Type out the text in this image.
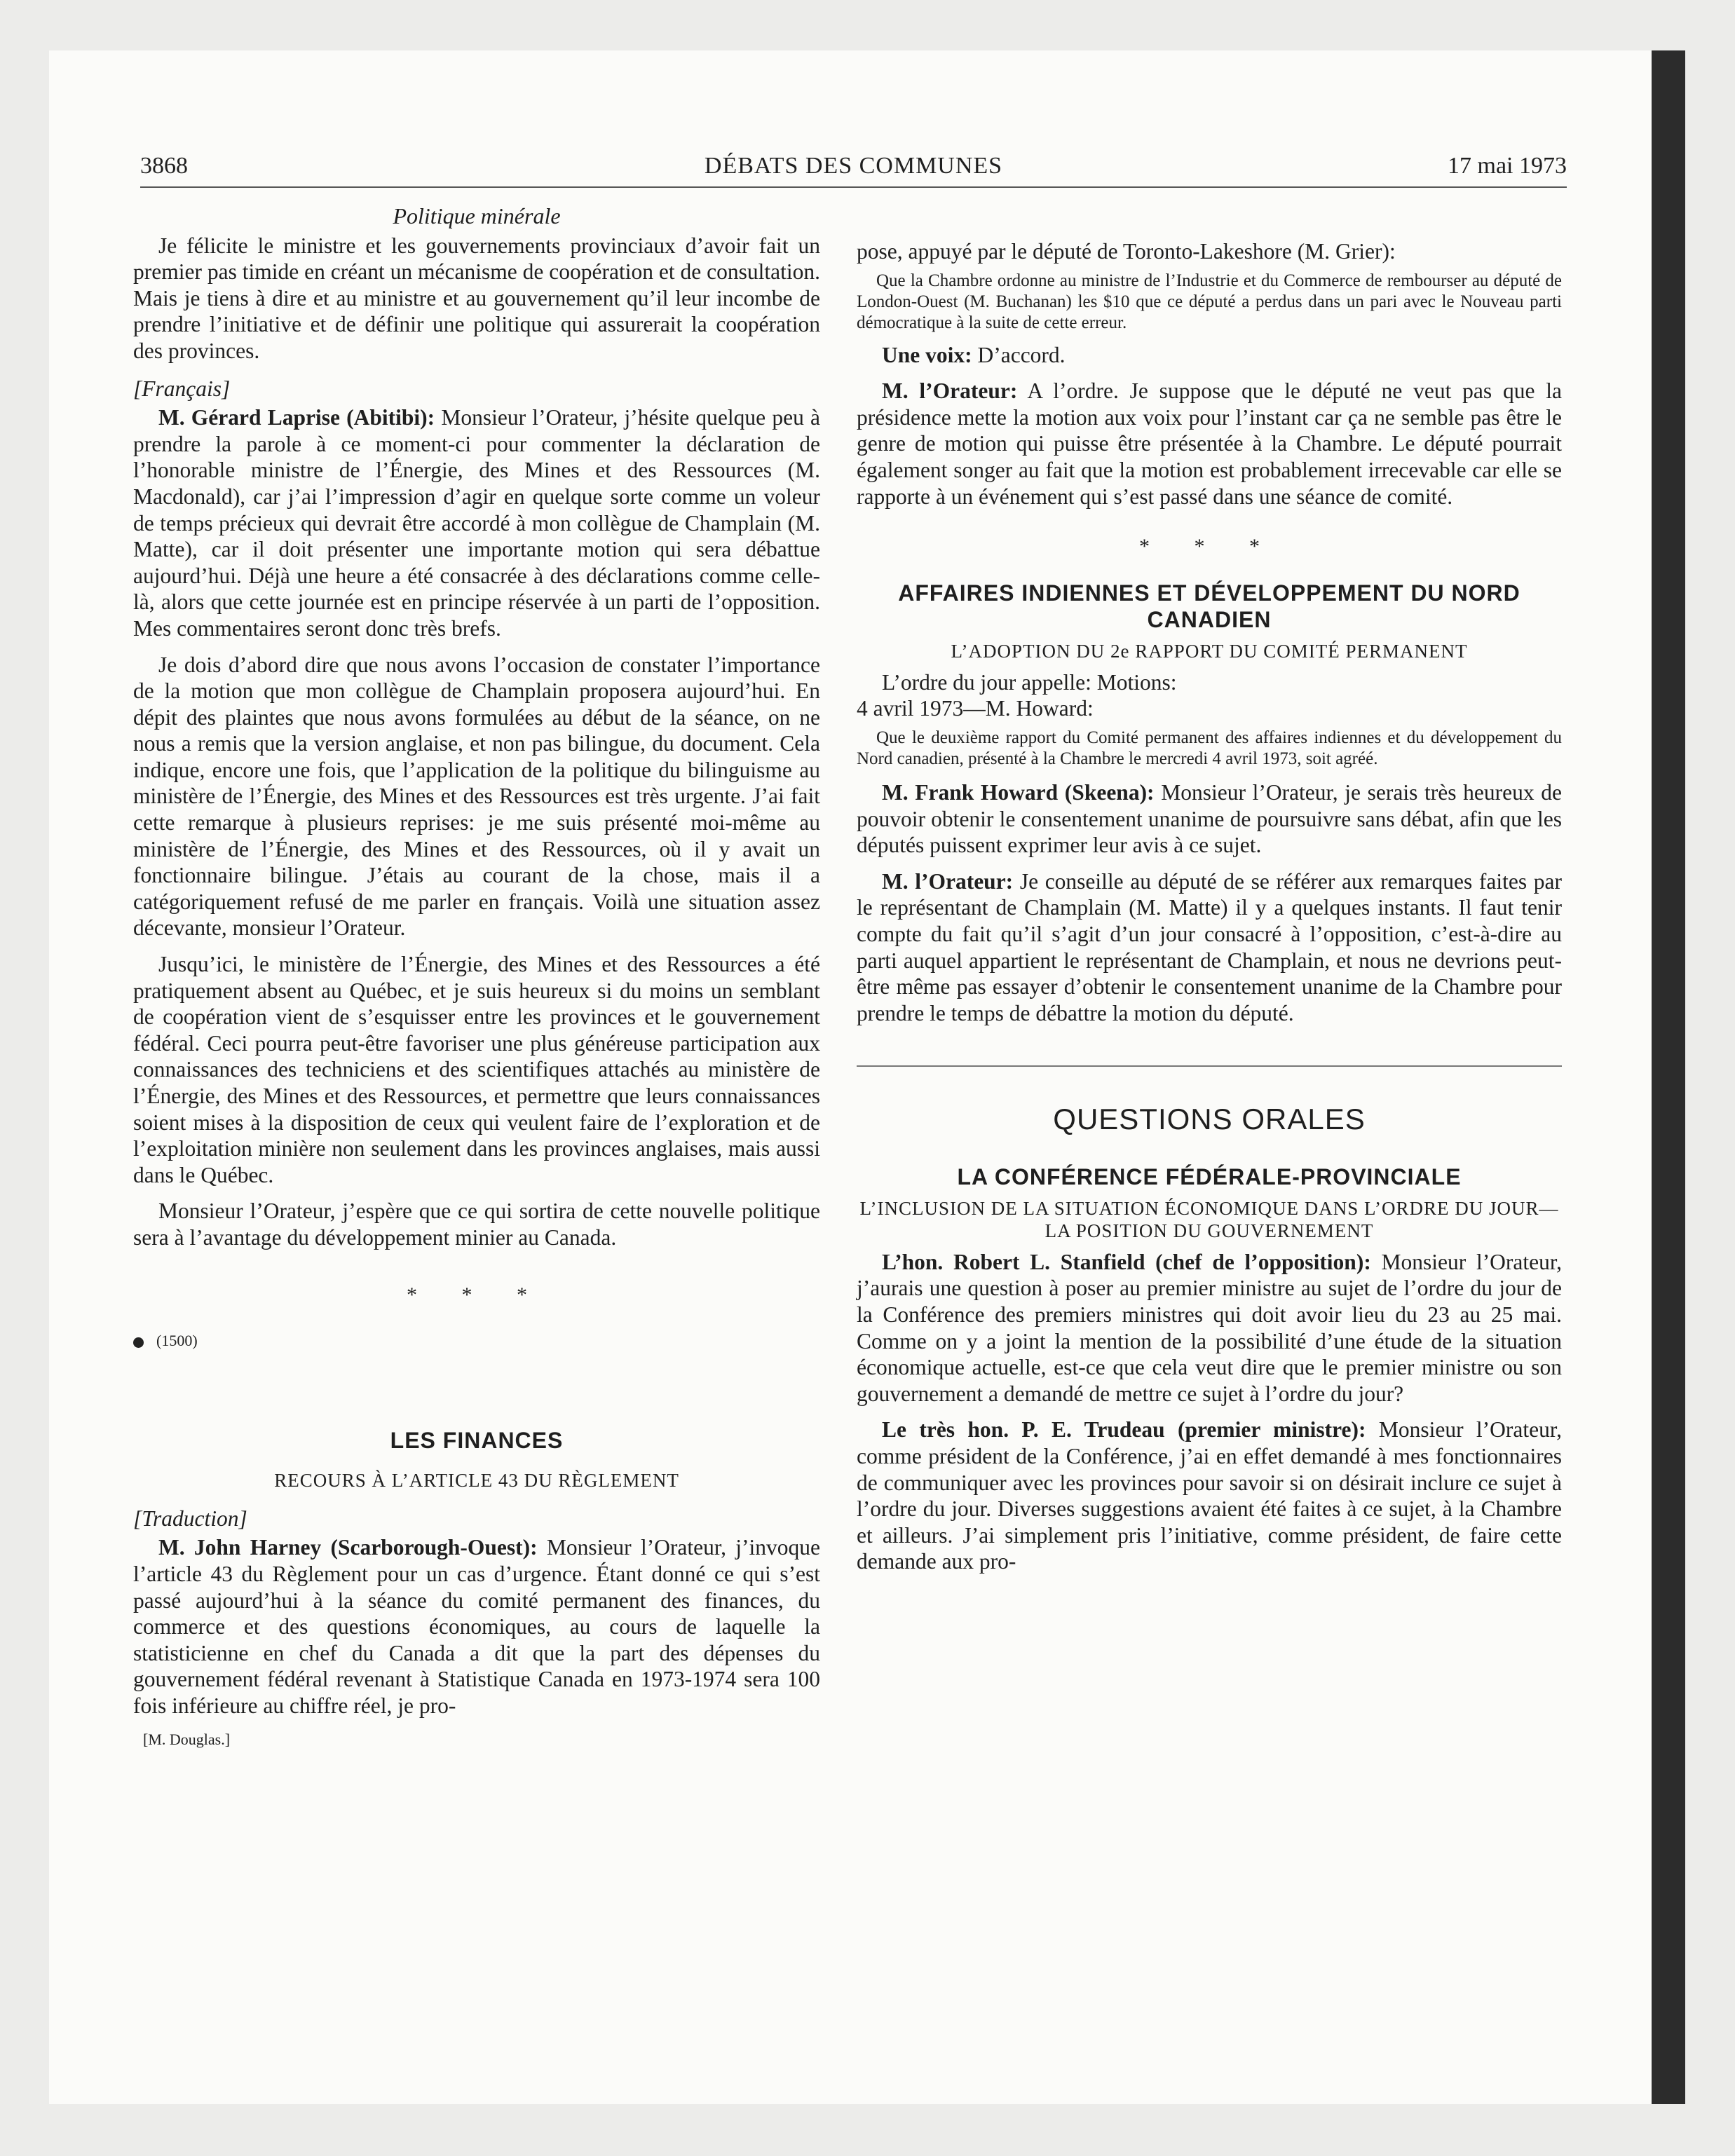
3868	DÉBATS DES COMMUNES	17 mai 1973
Politique minérale

Je félicite le ministre et les gouvernements provinciaux d’avoir fait un premier pas timide en créant un mécanisme de coopération et de consultation. Mais je tiens à dire et au ministre et au gouvernement qu’il leur incombe de prendre l’initiative et de définir une politique qui assurerait la coopération des provinces.

[Français]

M. Gérard Laprise (Abitibi): Monsieur l’Orateur, j’hésite quelque peu à prendre la parole à ce moment-ci pour commenter la déclaration de l’honorable ministre de l’Énergie, des Mines et des Ressources (M. Macdonald), car j’ai l’impression d’agir en quelque sorte comme un voleur de temps précieux qui devrait être accordé à mon collègue de Champlain (M. Matte), car il doit présenter une importante motion qui sera débattue aujourd’hui. Déjà une heure a été consacrée à des déclarations comme celle-là, alors que cette journée est en principe réservée à un parti de l’opposition. Mes commentaires seront donc très brefs.

Je dois d’abord dire que nous avons l’occasion de constater l’importance de la motion que mon collègue de Champlain proposera aujourd’hui. En dépit des plaintes que nous avons formulées au début de la séance, on ne nous a remis que la version anglaise, et non pas bilingue, du document. Cela indique, encore une fois, que l’application de la politique du bilinguisme au ministère de l’Énergie, des Mines et des Ressources est très urgente. J’ai fait cette remarque à plusieurs reprises: je me suis présenté moi-même au ministère de l’Énergie, des Mines et des Ressources, où il y avait un fonctionnaire bilingue. J’étais au courant de la chose, mais il a catégoriquement refusé de me parler en français. Voilà une situation assez décevante, monsieur l’Orateur.

Jusqu’ici, le ministère de l’Énergie, des Mines et des Ressources a été pratiquement absent au Québec, et je suis heureux si du moins un semblant de coopération vient de s’esquisser entre les provinces et le gouvernement fédéral. Ceci pourra peut-être favoriser une plus généreuse participation aux connaissances des techniciens et des scientifiques attachés au ministère de l’Énergie, des Mines et des Ressources, et permettre que leurs connaissances soient mises à la disposition de ceux qui veulent faire de l’exploration et de l’exploitation minière non seulement dans les provinces anglaises, mais aussi dans le Québec.

Monsieur l’Orateur, j’espère que ce qui sortira de cette nouvelle politique sera à l’avantage du développement minier au Canada.

* * *
(1500)
LES FINANCES
RECOURS À L’ARTICLE 43 DU RÈGLEMENT
[Traduction]

M. John Harney (Scarborough-Ouest): Monsieur l’Orateur, j’invoque l’article 43 du Règlement pour un cas d’urgence. Étant donné ce qui s’est passé aujourd’hui à la séance du comité permanent des finances, du commerce et des questions économiques, au cours de laquelle la statisticienne en chef du Canada a dit que la part des dépenses du gouvernement fédéral revenant à Statistique Canada en 1973-1974 sera 100 fois inférieure au chiffre réel, je pro-

[M. Douglas.]

pose, appuyé par le député de Toronto-Lakeshore (M. Grier):

Que la Chambre ordonne au ministre de l’Industrie et du Commerce de rembourser au député de London-Ouest (M. Buchanan) les $10 que ce député a perdus dans un pari avec le Nouveau parti démocratique à la suite de cette erreur.

Une voix: D’accord.

M. l’Orateur: A l’ordre. Je suppose que le député ne veut pas que la présidence mette la motion aux voix pour l’instant car ça ne semble pas être le genre de motion qui puisse être présentée à la Chambre. Le député pourrait également songer au fait que la motion est probablement irrecevable car elle se rapporte à un événement qui s’est passé dans une séance de comité.

* * *
AFFAIRES INDIENNES ET DÉVELOPPEMENT DU NORD CANADIEN
L’ADOPTION DU 2e RAPPORT DU COMITÉ PERMANENT

L’ordre du jour appelle: Motions:

4 avril 1973—M. Howard:

Que le deuxième rapport du Comité permanent des affaires indiennes et du développement du Nord canadien, présenté à la Chambre le mercredi 4 avril 1973, soit agréé.

M. Frank Howard (Skeena): Monsieur l’Orateur, je serais très heureux de pouvoir obtenir le consentement unanime de poursuivre sans débat, afin que les députés puissent exprimer leur avis à ce sujet.

M. l’Orateur: Je conseille au député de se référer aux remarques faites par le représentant de Champlain (M. Matte) il y a quelques instants. Il faut tenir compte du fait qu’il s’agit d’un jour consacré à l’opposition, c’est-à-dire au parti auquel appartient le représentant de Champlain, et nous ne devrions peut-être même pas essayer d’obtenir le consentement unanime de la Chambre pour prendre le temps de débattre la motion du député.

QUESTIONS ORALES
LA CONFÉRENCE FÉDÉRALE-PROVINCIALE
L’INCLUSION DE LA SITUATION ÉCONOMIQUE DANS L’ORDRE DU JOUR—LA POSITION DU GOUVERNEMENT

L’hon. Robert L. Stanfield (chef de l’opposition): Monsieur l’Orateur, j’aurais une question à poser au premier ministre au sujet de l’ordre du jour de la Conférence des premiers ministres qui doit avoir lieu du 23 au 25 mai. Comme on y a joint la mention de la possibilité d’une étude de la situation économique actuelle, est-ce que cela veut dire que le premier ministre ou son gouvernement a demandé de mettre ce sujet à l’ordre du jour?

Le très hon. P. E. Trudeau (premier ministre): Monsieur l’Orateur, comme président de la Conférence, j’ai en effet demandé à mes fonctionnaires de communiquer avec les provinces pour savoir si on désirait inclure ce sujet à l’ordre du jour. Diverses suggestions avaient été faites à ce sujet, à la Chambre et ailleurs. J’ai simplement pris l’initiative, comme président, de faire cette demande aux pro-
